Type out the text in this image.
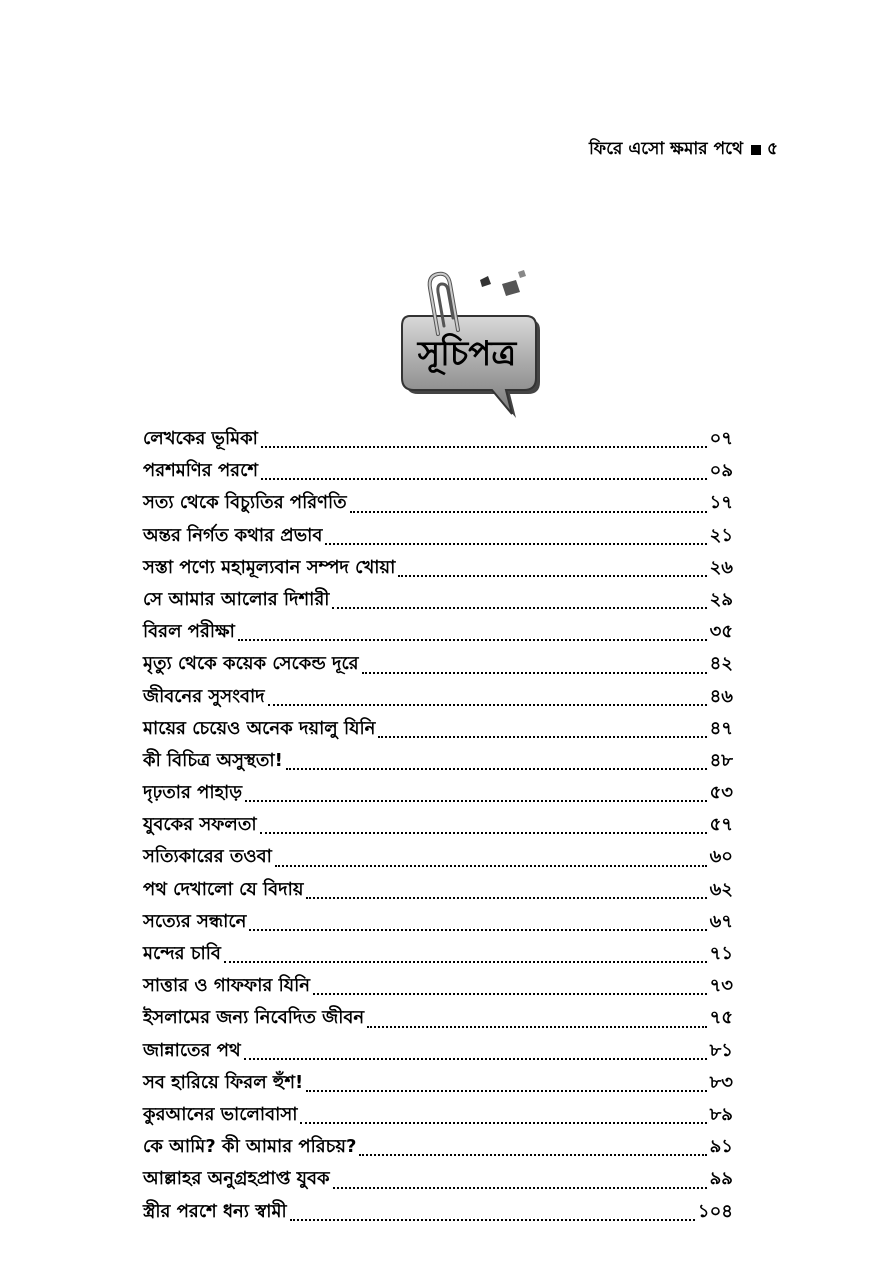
ফিরে এসো ক্ষমার পথে ৫
সূচিপত্র
লেখকের ভূমিকা	০৭
পরশমণির পরশে	০৯
সত্য থেকে বিচ্যুতির পরিণতি	১৭
অন্তর নির্গত কথার প্রভাব	২১
সস্তা পণ্যে মহামূল্যবান সম্পদ খোয়া	২৬
সে আমার আলোর দিশারী	২৯
বিরল পরীক্ষা	৩৫
মৃত্যু থেকে কয়েক সেকেন্ড দূরে	৪২
জীবনের সুসংবাদ	৪৬
মায়ের চেয়েও অনেক দয়ালু যিনি	৪৭
কী বিচিত্র অসুস্থতা!	৪৮
দৃঢ়তার পাহাড়	৫৩
যুবকের সফলতা	৫৭
সত্যিকারের তওবা	৬০
পথ দেখালো যে বিদায়	৬২
সত্যের সন্ধানে	৬৭
মন্দের চাবি	৭১
সাত্তার ও গাফফার যিনি	৭৩
ইসলামের জন্য নিবেদিত জীবন	৭৫
জান্নাতের পথ	৮১
সব হারিয়ে ফিরল হুঁশ!	৮৩
কুরআনের ভালোবাসা	৮৯
কে আমি? কী আমার পরিচয়?	৯১
আল্লাহর অনুগ্রহপ্রাপ্ত যুবক	৯৯
স্ত্রীর পরশে ধন্য স্বামী	১০৪
